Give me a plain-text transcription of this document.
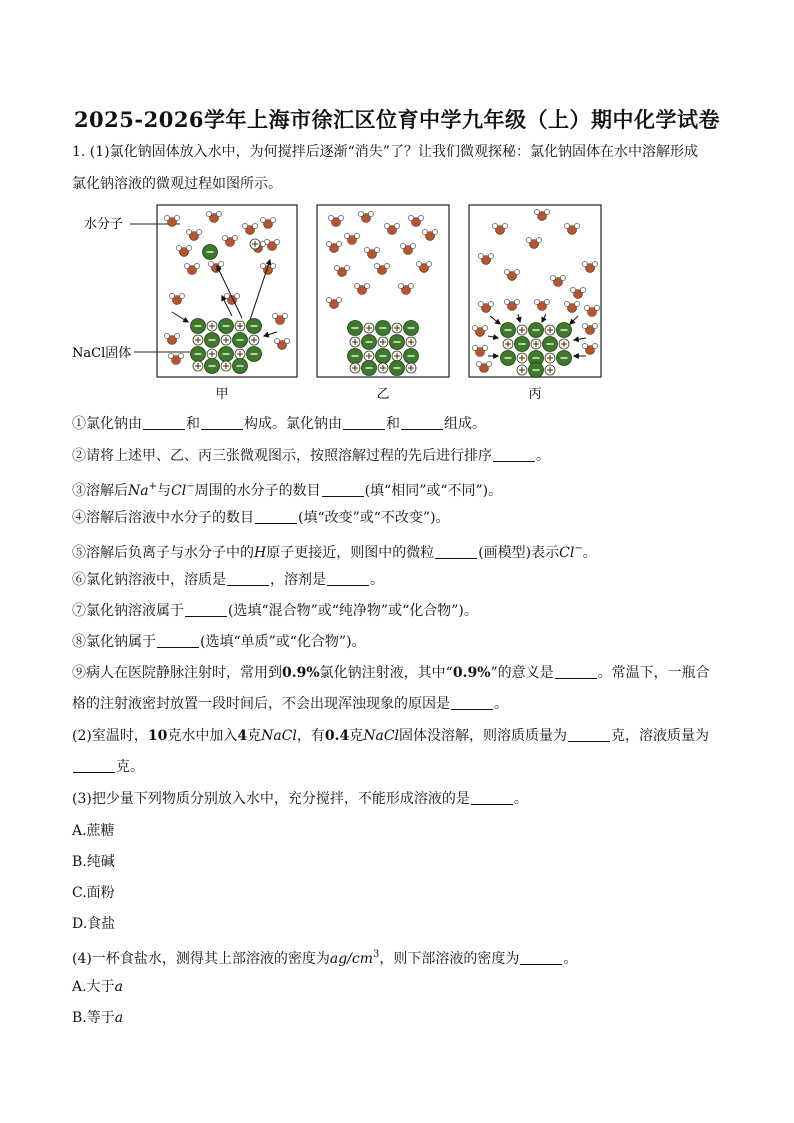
2025-2026学年上海市徐汇区位育中学九年级（上）期中化学试卷
1. (1)氯化钠固体放入水中，为何搅拌后逐渐“消失”了？让我们微观探秘：氯化钠固体在水中溶解形成
氯化钠溶液的微观过程如图所示。
水分子
NaCl固体
甲	乙	丙
①氯化钠由	和	构成。氯化钠由	和	组成。
②请将上述甲、乙、丙三张微观图示，按照溶解过程的先后进行排序	。
③溶解后Na+与Cl−周围的水分子的数目	(填“相同”或“不同”)。
④溶解后溶液中水分子的数目	(填“改变”或“不改变”)。
⑤溶解后负离子与水分子中的H原子更接近，则图中的微粒	(画模型)表示Cl−。
⑥氯化钠溶液中，溶质是	，溶剂是	。
⑦氯化钠溶液属于	(选填“混合物”或“纯净物”或“化合物”)。
⑧氯化钠属于	(选填“单质”或“化合物”)。
⑨病人在医院静脉注射时，常用到0.9%氯化钠注射液，其中“0.9%”的意义是	。常温下，一瓶合
格的注射液密封放置一段时间后，不会出现浑浊现象的原因是	。
(2)室温时，10克水中加入4克NaCl，有0.4克NaCl固体没溶解，则溶质质量为	克，溶液质量为
克。
(3)把少量下列物质分别放入水中，充分搅拌，不能形成溶液的是	。
A.蔗糖
B.纯碱
C.面粉
D.食盐
(4)一杯食盐水，测得其上部溶液的密度为$ag/cm^3$，则下部溶液的密度为	。
A.大于a
B.等于a
